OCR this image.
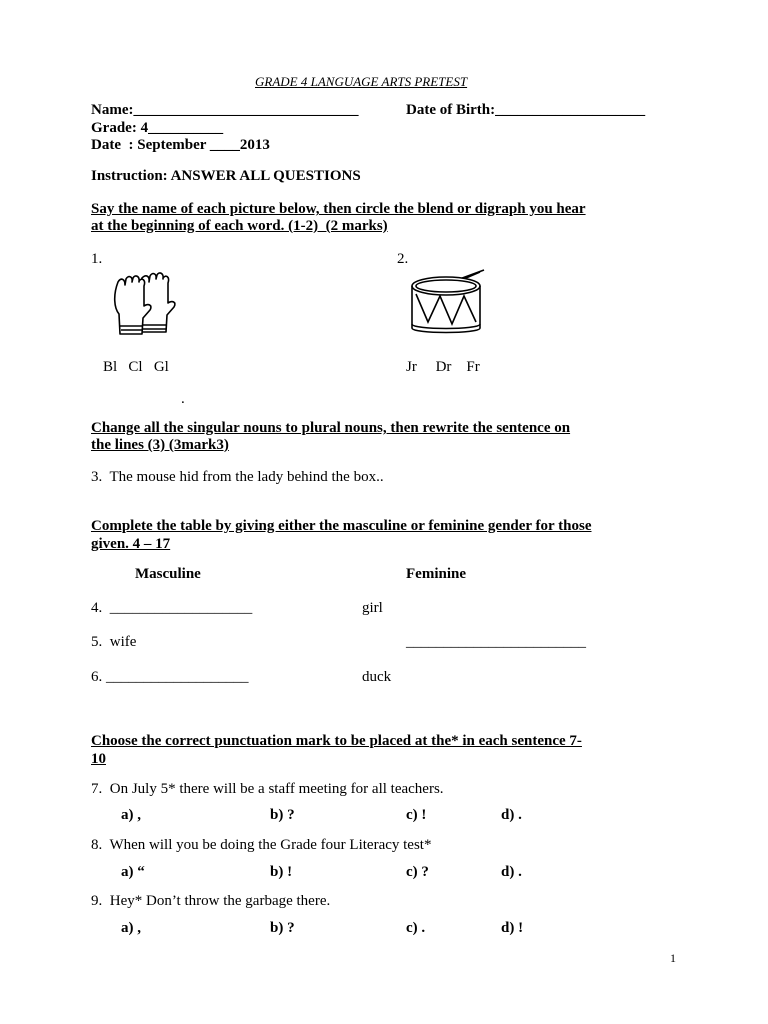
GRADE 4 LANGUAGE ARTS PRETEST
Name:______________________________	Date of Birth:____________________
Grade: 4__________
Date  : September ____2013
Instruction: ANSWER ALL QUESTIONS
Say the name of each picture below, then circle the blend or digraph you hear
at the beginning of each word. (1-2)  (2 marks)
1.
Bl   Cl   Gl
2.
Jr     Dr    Fr
.
Change all the singular nouns to plural nouns, then rewrite the sentence on
the lines (3) (3mark3)
3.  The mouse hid from the lady behind the box..
Complete the table by giving either the masculine or feminine gender for those
given. 4 – 17
Masculine	Feminine
4.  ___________________	girl
5.  wife	________________________
6. ___________________	duck
Choose the correct punctuation mark to be placed at the* in each sentence 7-
10
7.  On July 5* there will be a staff meeting for all teachers.
a) ,	b) ?	c) !	d) .
8.  When will you be doing the Grade four Literacy test*
a) “	b) !	c) ?	d) .
9.  Hey* Don’t throw the garbage there.
a) ,	b) ?	c) .	d) !
1
